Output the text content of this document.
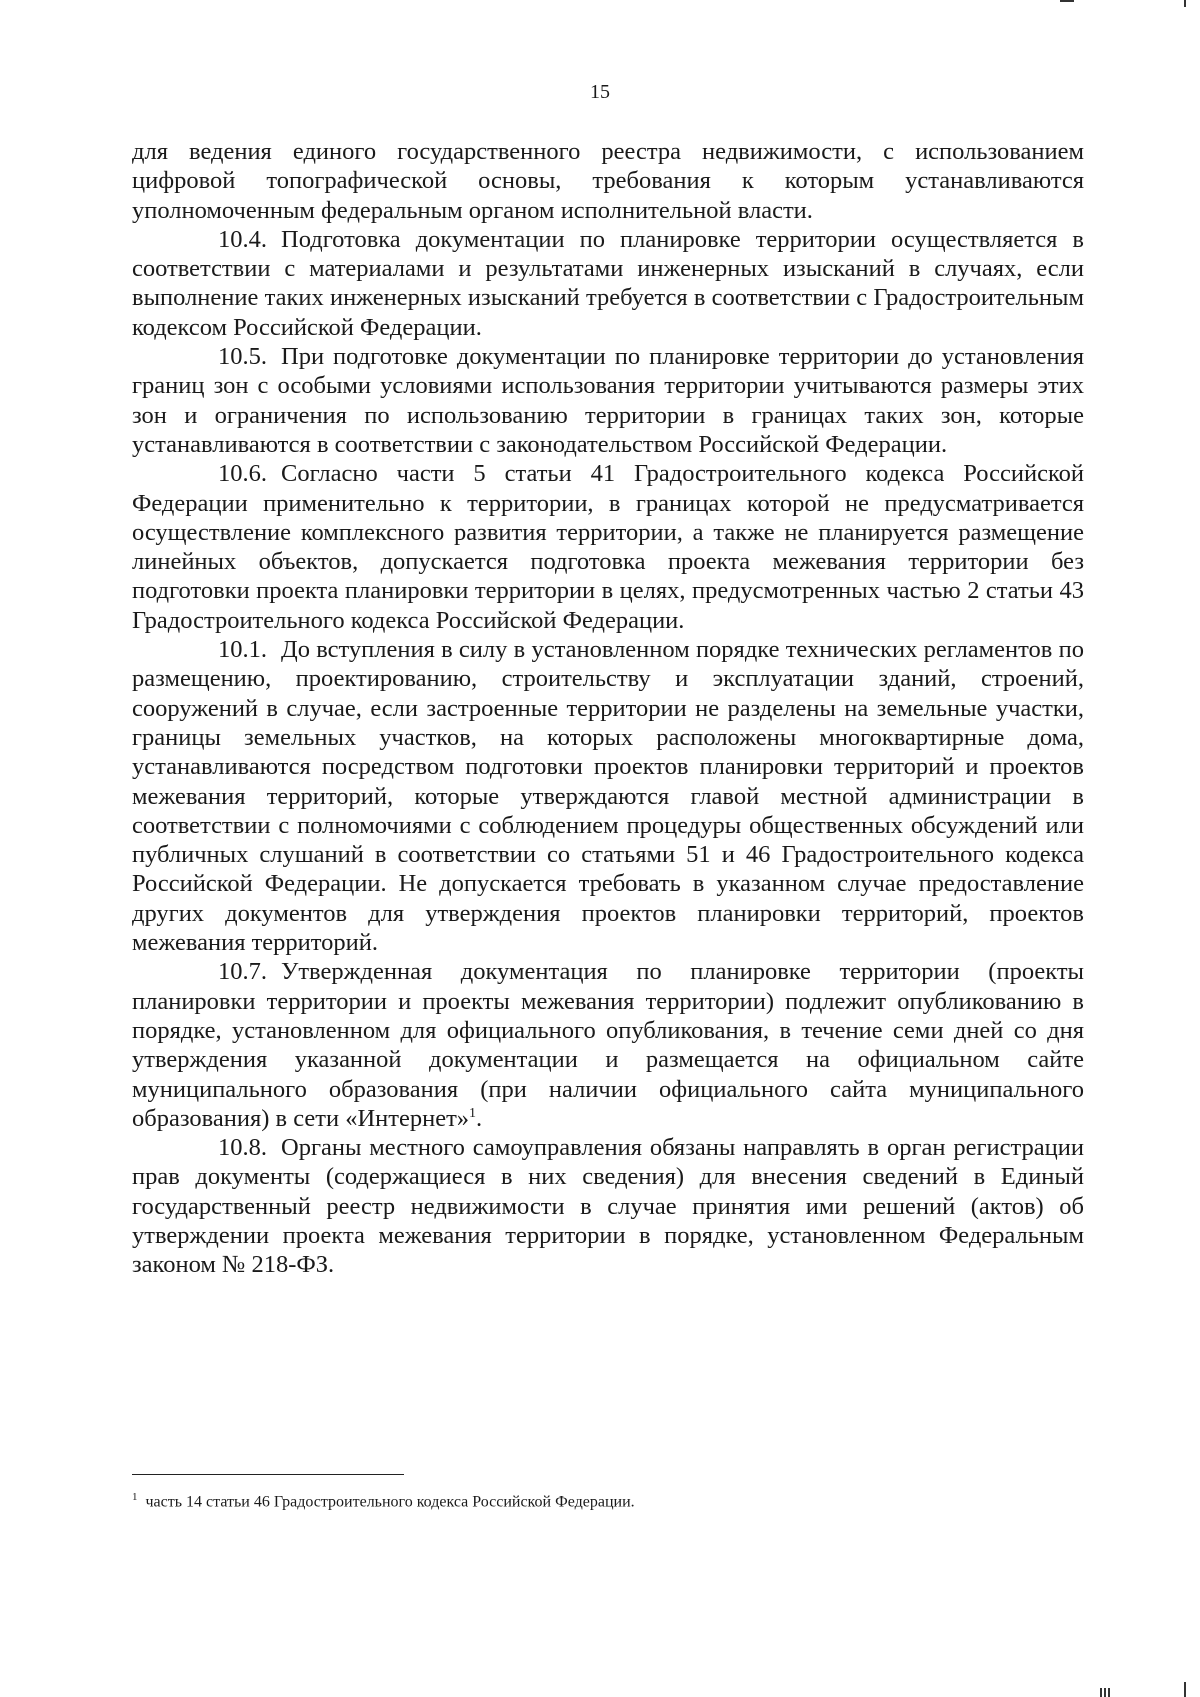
15

для ведения единого государственного реестра недвижимости, с использованием цифровой топографической основы, требования к которым устанавливаются уполномоченным федеральным органом исполнительной власти.

10.4. Подготовка документации по планировке территории осуществляется в соответствии с материалами и результатами инженерных изысканий в случаях, если выполнение таких инженерных изысканий требуется в соответствии с Градостроительным кодексом Российской Федерации.

10.5. При подготовке документации по планировке территории до установления границ зон с особыми условиями использования территории учитываются размеры этих зон и ограничения по использованию территории в границах таких зон, которые устанавливаются в соответствии с законодательством Российской Федерации.

10.6. Согласно части 5 статьи 41 Градостроительного кодекса Российской Федерации применительно к территории, в границах которой не предусматривается осуществление комплексного развития территории, а также не планируется размещение линейных объектов, допускается подготовка проекта межевания территории без подготовки проекта планировки территории в целях, предусмотренных частью 2 статьи 43 Градостроительного кодекса Российской Федерации.

10.1. До вступления в силу в установленном порядке технических регламентов по размещению, проектированию, строительству и эксплуатации зданий, строений, сооружений в случае, если застроенные территории не разделены на земельные участки, границы земельных участков, на которых расположены многоквартирные дома, устанавливаются посредством подготовки проектов планировки территорий и проектов межевания территорий, которые утверждаются главой местной администрации в соответствии с полномочиями с соблюдением процедуры общественных обсуждений или публичных слушаний в соответствии со статьями 51 и 46 Градостроительного кодекса Российской Федерации. Не допускается требовать в указанном случае предоставление других документов для утверждения проектов планировки территорий, проектов межевания территорий.

10.7. Утвержденная документация по планировке территории (проекты планировки территории и проекты межевания территории) подлежит опубликованию в порядке, установленном для официального опубликования, в течение семи дней со дня утверждения указанной документации и размещается на официальном сайте муниципального образования (при наличии официального сайта муниципального образования) в сети «Интернет»$^1$.

10.8. Органы местного самоуправления обязаны направлять в орган регистрации прав документы (содержащиеся в них сведения) для внесения сведений в Единый государственный реестр недвижимости в случае принятия ими решений (актов) об утверждении проекта межевания территории в порядке, установленном Федеральным законом № 218-ФЗ.

$^1$ часть 14 статьи 46 Градостроительного кодекса Российской Федерации.
